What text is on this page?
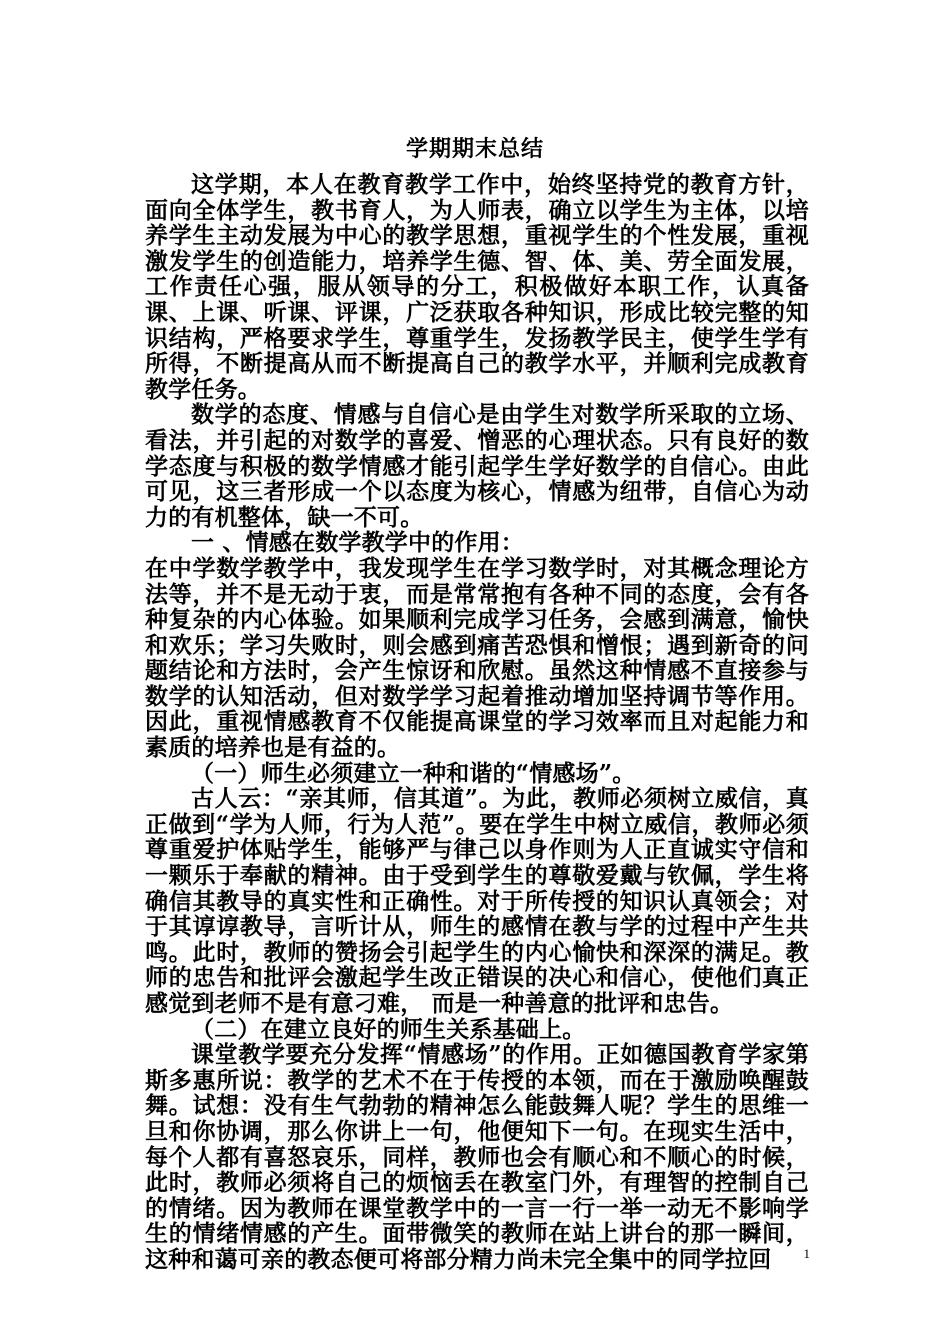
学期期末总结

这学期，本人在教育教学工作中，始终坚持党的教育方针，面向全体学生，教书育人，为人师表，确立以学生为主体，以培养学生主动发展为中心的教学思想，重视学生的个性发展，重视激发学生的创造能力，培养学生德、智、体、美、劳全面发展，工作责任心强，服从领导的分工，积极做好本职工作，认真备课、上课、听课、评课，广泛获取各种知识，形成比较完整的知识结构，严格要求学生，尊重学生，发扬教学民主，使学生学有所得，不断提高从而不断提高自己的教学水平，并顺利完成教育教学任务。

数学的态度、情感与自信心是由学生对数学所采取的立场、看法，并引起的对数学的喜爱、憎恶的心理状态。只有良好的数学态度与积极的数学情感才能引起学生学好数学的自信心。由此可见，这三者形成一个以态度为核心，情感为纽带，自信心为动力的有机整体，缺一不可。

一 、情感在数学教学中的作用：

在中学数学教学中，我发现学生在学习数学时，对其概念理论方法等，并不是无动于衷，而是常常抱有各种不同的态度，会有各种复杂的内心体验。如果顺利完成学习任务，会感到满意，愉快和欢乐；学习失败时，则会感到痛苦恐惧和憎恨；遇到新奇的问题结论和方法时，会产生惊讶和欣慰。虽然这种情感不直接参与数学的认知活动，但对数学学习起着推动增加坚持调节等作用。因此，重视情感教育不仅能提高课堂的学习效率而且对起能力和素质的培养也是有益的。

（一）师生必须建立一种和谐的“情感场”。

古人云：“亲其师，信其道”。为此，教师必须树立威信，真正做到“学为人师，行为人范”。要在学生中树立威信，教师必须尊重爱护体贴学生，能够严与律己以身作则为人正直诚实守信和一颗乐于奉献的精神。由于受到学生的尊敬爱戴与钦佩，学生将确信其教导的真实性和正确性。对于所传授的知识认真领会；对于其谆谆教导，言听计从，师生的感情在教与学的过程中产生共鸣。此时，教师的赞扬会引起学生的内心愉快和深深的满足。教师的忠告和批评会激起学生改正错误的决心和信心，使他们真正感觉到老师不是有意刁难， 而是一种善意的批评和忠告。

（二）在建立良好的师生关系基础上。

课堂教学要充分发挥“情感场”的作用。正如德国教育学家第斯多惠所说：教学的艺术不在于传授的本领，而在于激励唤醒鼓舞。试想：没有生气勃勃的精神怎么能鼓舞人呢？学生的思维一旦和你协调，那么你讲上一句，他便知下一句。在现实生活中，每个人都有喜怒哀乐，同样，教师也会有顺心和不顺心的时候，此时，教师必须将自己的烦恼丢在教室门外，有理智的控制自己的情绪。因为教师在课堂教学中的一言一行一举一动无不影响学生的情绪情感的产生。面带微笑的教师在站上讲台的那一瞬间，这种和蔼可亲的教态便可将部分精力尚未完全集中的同学拉回	1
